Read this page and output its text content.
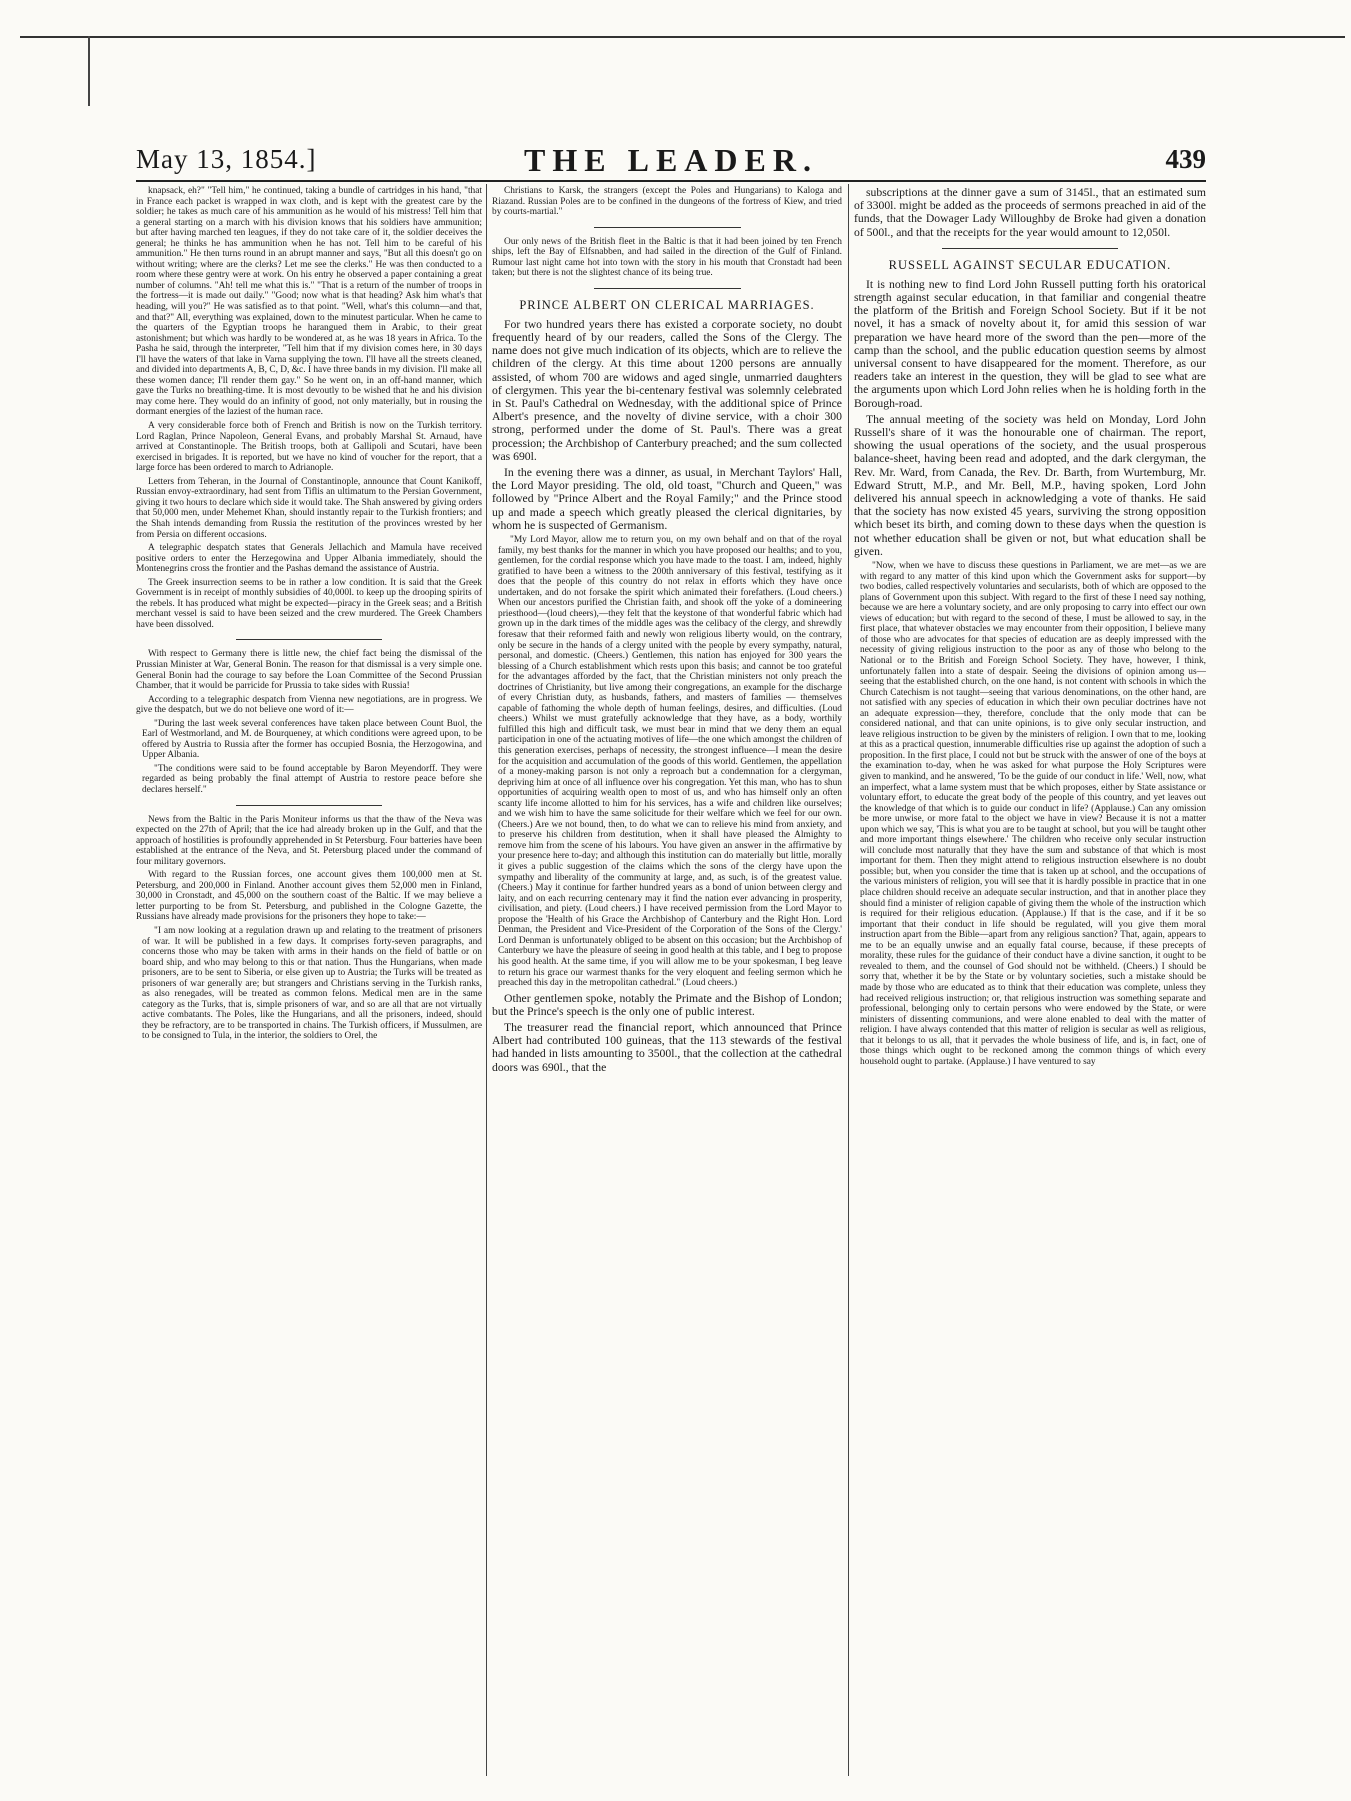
May 13, 1854.]	THE LEADER.	439

knapsack, eh?" "Tell him," he continued, taking a bundle of cartridges in his hand, "that in France each packet is wrapped in wax cloth, and is kept with the greatest care by the soldier; he takes as much care of his ammunition as he would of his mistress! Tell him that a general starting on a march with his division knows that his soldiers have ammunition; but after having marched ten leagues, if they do not take care of it, the soldier deceives the general; he thinks he has ammunition when he has not. Tell him to be careful of his ammunition." He then turns round in an abrupt manner and says, "But all this doesn't go on without writing; where are the clerks? Let me see the clerks." He was then conducted to a room where these gentry were at work. On his entry he observed a paper containing a great number of columns. "Ah! tell me what this is." "That is a return of the number of troops in the fortress—it is made out daily." "Good; now what is that heading? Ask him what's that heading, will you?" He was satisfied as to that point. "Well, what's this column—and that, and that?" All, everything was explained, down to the minutest particular. When he came to the quarters of the Egyptian troops he harangued them in Arabic, to their great astonishment; but which was hardly to be wondered at, as he was 18 years in Africa. To the Pasha he said, through the interpreter, "Tell him that if my division comes here, in 30 days I'll have the waters of that lake in Varna supplying the town. I'll have all the streets cleaned, and divided into departments A, B, C, D, &c. I have three bands in my division. I'll make all these women dance; I'll render them gay." So he went on, in an off-hand manner, which gave the Turks no breathing-time. It is most devoutly to be wished that he and his division may come here. They would do an infinity of good, not only materially, but in rousing the dormant energies of the laziest of the human race.

A very considerable force both of French and British is now on the Turkish territory. Lord Raglan, Prince Napoleon, General Evans, and probably Marshal St. Arnaud, have arrived at Constantinople. The British troops, both at Gallipoli and Scutari, have been exercised in brigades. It is reported, but we have no kind of voucher for the report, that a large force has been ordered to march to Adrianople.

Letters from Teheran, in the Journal of Constantinople, announce that Count Kanikoff, Russian envoy-extraordinary, had sent from Tiflis an ultimatum to the Persian Government, giving it two hours to declare which side it would take. The Shah answered by giving orders that 50,000 men, under Mehemet Khan, should instantly repair to the Turkish frontiers; and the Shah intends demanding from Russia the restitution of the provinces wrested by her from Persia on different occasions.

A telegraphic despatch states that Generals Jellachich and Mamula have received positive orders to enter the Herzegowina and Upper Albania immediately, should the Montenegrins cross the frontier and the Pashas demand the assistance of Austria.

The Greek insurrection seems to be in rather a low condition. It is said that the Greek Government is in receipt of monthly subsidies of 40,000l. to keep up the drooping spirits of the rebels. It has produced what might be expected—piracy in the Greek seas; and a British merchant vessel is said to have been seized and the crew murdered. The Greek Chambers have been dissolved.

With respect to Germany there is little new, the chief fact being the dismissal of the Prussian Minister at War, General Bonin. The reason for that dismissal is a very simple one. General Bonin had the courage to say before the Loan Committee of the Second Prussian Chamber, that it would be parricide for Prussia to take sides with Russia!

According to a telegraphic despatch from Vienna new negotiations, are in progress. We give the despatch, but we do not believe one word of it:—

"During the last week several conferences have taken place between Count Buol, the Earl of Westmorland, and M. de Bourqueney, at which conditions were agreed upon, to be offered by Austria to Russia after the former has occupied Bosnia, the Herzogowina, and Upper Albania.

"The conditions were said to be found acceptable by Baron Meyendorff. They were regarded as being probably the final attempt of Austria to restore peace before she declares herself."

News from the Baltic in the Paris Moniteur informs us that the thaw of the Neva was expected on the 27th of April; that the ice had already broken up in the Gulf, and that the approach of hostilities is profoundly apprehended in St Petersburg. Four batteries have been established at the entrance of the Neva, and St. Petersburg placed under the command of four military governors.

With regard to the Russian forces, one account gives them 100,000 men at St. Petersburg, and 200,000 in Finland. Another account gives them 52,000 men in Finland, 30,000 in Cronstadt, and 45,000 on the southern coast of the Baltic. If we may believe a letter purporting to be from St. Petersburg, and published in the Cologne Gazette, the Russians have already made provisions for the prisoners they hope to take:—

"I am now looking at a regulation drawn up and relating to the treatment of prisoners of war. It will be published in a few days. It comprises forty-seven paragraphs, and concerns those who may be taken with arms in their hands on the field of battle or on board ship, and who may belong to this or that nation. Thus the Hungarians, when made prisoners, are to be sent to Siberia, or else given up to Austria; the Turks will be treated as prisoners of war generally are; but strangers and Christians serving in the Turkish ranks, as also renegades, will be treated as common felons. Medical men are in the same category as the Turks, that is, simple prisoners of war, and so are all that are not virtually active combatants. The Poles, like the Hungarians, and all the prisoners, indeed, should they be refractory, are to be transported in chains. The Turkish officers, if Mussulmen, are to be consigned to Tula, in the interior, the soldiers to Orel, the

Christians to Karsk, the strangers (except the Poles and Hungarians) to Kaloga and Riazand. Russian Poles are to be confined in the dungeons of the fortress of Kiew, and tried by courts-martial."

Our only news of the British fleet in the Baltic is that it had been joined by ten French ships, left the Bay of Elfsnabben, and had sailed in the direction of the Gulf of Finland. Rumour last night came hot into town with the story in his mouth that Cronstadt had been taken; but there is not the slightest chance of its being true.

PRINCE ALBERT ON CLERICAL MARRIAGES.

For two hundred years there has existed a corporate society, no doubt frequently heard of by our readers, called the Sons of the Clergy. The name does not give much indication of its objects, which are to relieve the children of the clergy. At this time about 1200 persons are annually assisted, of whom 700 are widows and aged single, unmarried daughters of clergymen. This year the bi-centenary festival was solemnly celebrated in St. Paul's Cathedral on Wednesday, with the additional spice of Prince Albert's presence, and the novelty of divine service, with a choir 300 strong, performed under the dome of St. Paul's. There was a great procession; the Archbishop of Canterbury preached; and the sum collected was 690l.

In the evening there was a dinner, as usual, in Merchant Taylors' Hall, the Lord Mayor presiding. The old, old toast, "Church and Queen," was followed by "Prince Albert and the Royal Family;" and the Prince stood up and made a speech which greatly pleased the clerical dignitaries, by whom he is suspected of Germanism.

"My Lord Mayor, allow me to return you, on my own behalf and on that of the royal family, my best thanks for the manner in which you have proposed our healths; and to you, gentlemen, for the cordial response which you have made to the toast. I am, indeed, highly gratified to have been a witness to the 200th anniversary of this festival, testifying as it does that the people of this country do not relax in efforts which they have once undertaken, and do not forsake the spirit which animated their forefathers. (Loud cheers.) When our ancestors purified the Christian faith, and shook off the yoke of a domineering priesthood—(loud cheers),—they felt that the keystone of that wonderful fabric which had grown up in the dark times of the middle ages was the celibacy of the clergy, and shrewdly foresaw that their reformed faith and newly won religious liberty would, on the contrary, only be secure in the hands of a clergy united with the people by every sympathy, natural, personal, and domestic. (Cheers.) Gentlemen, this nation has enjoyed for 300 years the blessing of a Church establishment which rests upon this basis; and cannot be too grateful for the advantages afforded by the fact, that the Christian ministers not only preach the doctrines of Christianity, but live among their congregations, an example for the discharge of every Christian duty, as husbands, fathers, and masters of families — themselves capable of fathoming the whole depth of human feelings, desires, and difficulties. (Loud cheers.) Whilst we must gratefully acknowledge that they have, as a body, worthily fulfilled this high and difficult task, we must bear in mind that we deny them an equal participation in one of the actuating motives of life—the one which amongst the children of this generation exercises, perhaps of necessity, the strongest influence—I mean the desire for the acquisition and accumulation of the goods of this world. Gentlemen, the appellation of a money-making parson is not only a reproach but a condemnation for a clergyman, depriving him at once of all influence over his congregation. Yet this man, who has to shun opportunities of acquiring wealth open to most of us, and who has himself only an often scanty life income allotted to him for his services, has a wife and children like ourselves; and we wish him to have the same solicitude for their welfare which we feel for our own. (Cheers.) Are we not bound, then, to do what we can to relieve his mind from anxiety, and to preserve his children from destitution, when it shall have pleased the Almighty to remove him from the scene of his labours. You have given an answer in the affirmative by your presence here to-day; and although this institution can do materially but little, morally it gives a public suggestion of the claims which the sons of the clergy have upon the sympathy and liberality of the community at large, and, as such, is of the greatest value. (Cheers.) May it continue for farther hundred years as a bond of union between clergy and laity, and on each recurring centenary may it find the nation ever advancing in prosperity, civilisation, and piety. (Loud cheers.) I have received permission from the Lord Mayor to propose the 'Health of his Grace the Archbishop of Canterbury and the Right Hon. Lord Denman, the President and Vice-President of the Corporation of the Sons of the Clergy.' Lord Denman is unfortunately obliged to be absent on this occasion; but the Archbishop of Canterbury we have the pleasure of seeing in good health at this table, and I beg to propose his good health. At the same time, if you will allow me to be your spokesman, I beg leave to return his grace our warmest thanks for the very eloquent and feeling sermon which he preached this day in the metropolitan cathedral." (Loud cheers.)

Other gentlemen spoke, notably the Primate and the Bishop of London; but the Prince's speech is the only one of public interest.

The treasurer read the financial report, which announced that Prince Albert had contributed 100 guineas, that the 113 stewards of the festival had handed in lists amounting to 3500l., that the collection at the cathedral doors was 690l., that the

subscriptions at the dinner gave a sum of 3145l., that an estimated sum of 3300l. might be added as the proceeds of sermons preached in aid of the funds, that the Dowager Lady Willoughby de Broke had given a donation of 500l., and that the receipts for the year would amount to 12,050l.

RUSSELL AGAINST SECULAR EDUCATION.

It is nothing new to find Lord John Russell putting forth his oratorical strength against secular education, in that familiar and congenial theatre the platform of the British and Foreign School Society. But if it be not novel, it has a smack of novelty about it, for amid this session of war preparation we have heard more of the sword than the pen—more of the camp than the school, and the public education question seems by almost universal consent to have disappeared for the moment. Therefore, as our readers take an interest in the question, they will be glad to see what are the arguments upon which Lord John relies when he is holding forth in the Borough-road.

The annual meeting of the society was held on Monday, Lord John Russell's share of it was the honourable one of chairman. The report, showing the usual operations of the society, and the usual prosperous balance-sheet, having been read and adopted, and the dark clergyman, the Rev. Mr. Ward, from Canada, the Rev. Dr. Barth, from Wurtemburg, Mr. Edward Strutt, M.P., and Mr. Bell, M.P., having spoken, Lord John delivered his annual speech in acknowledging a vote of thanks. He said that the society has now existed 45 years, surviving the strong opposition which beset its birth, and coming down to these days when the question is not whether education shall be given or not, but what education shall be given.

"Now, when we have to discuss these questions in Parliament, we are met—as we are with regard to any matter of this kind upon which the Government asks for support—by two bodies, called respectively voluntaries and secularists, both of which are opposed to the plans of Government upon this subject. With regard to the first of these I need say nothing, because we are here a voluntary society, and are only proposing to carry into effect our own views of education; but with regard to the second of these, I must be allowed to say, in the first place, that whatever obstacles we may encounter from their opposition, I believe many of those who are advocates for that species of education are as deeply impressed with the necessity of giving religious instruction to the poor as any of those who belong to the National or to the British and Foreign School Society. They have, however, I think, unfortunately fallen into a state of despair. Seeing the divisions of opinion among us—seeing that the established church, on the one hand, is not content with schools in which the Church Catechism is not taught—seeing that various denominations, on the other hand, are not satisfied with any species of education in which their own peculiar doctrines have not an adequate expression—they, therefore, conclude that the only mode that can be considered national, and that can unite opinions, is to give only secular instruction, and leave religious instruction to be given by the ministers of religion. I own that to me, looking at this as a practical question, innumerable difficulties rise up against the adoption of such a proposition. In the first place, I could not but be struck with the answer of one of the boys at the examination to-day, when he was asked for what purpose the Holy Scriptures were given to mankind, and he answered, 'To be the guide of our conduct in life.' Well, now, what an imperfect, what a lame system must that be which proposes, either by State assistance or voluntary effort, to educate the great body of the people of this country, and yet leaves out the knowledge of that which is to guide our conduct in life? (Applause.) Can any omission be more unwise, or more fatal to the object we have in view? Because it is not a matter upon which we say, 'This is what you are to be taught at school, but you will be taught other and more important things elsewhere.' The children who receive only secular instruction will conclude most naturally that they have the sum and substance of that which is most important for them. Then they might attend to religious instruction elsewhere is no doubt possible; but, when you consider the time that is taken up at school, and the occupations of the various ministers of religion, you will see that it is hardly possible in practice that in one place children should receive an adequate secular instruction, and that in another place they should find a minister of religion capable of giving them the whole of the instruction which is required for their religious education. (Applause.) If that is the case, and if it be so important that their conduct in life should be regulated, will you give them moral instruction apart from the Bible—apart from any religious sanction? That, again, appears to me to be an equally unwise and an equally fatal course, because, if these precepts of morality, these rules for the guidance of their conduct have a divine sanction, it ought to be revealed to them, and the counsel of God should not be withheld. (Cheers.) I should be sorry that, whether it be by the State or by voluntary societies, such a mistake should be made by those who are educated as to think that their education was complete, unless they had received religious instruction; or, that religious instruction was something separate and professional, belonging only to certain persons who were endowed by the State, or were ministers of dissenting communions, and were alone enabled to deal with the matter of religion. I have always contended that this matter of religion is secular as well as religious, that it belongs to us all, that it pervades the whole business of life, and is, in fact, one of those things which ought to be reckoned among the common things of which every household ought to partake. (Applause.) I have ventured to say
